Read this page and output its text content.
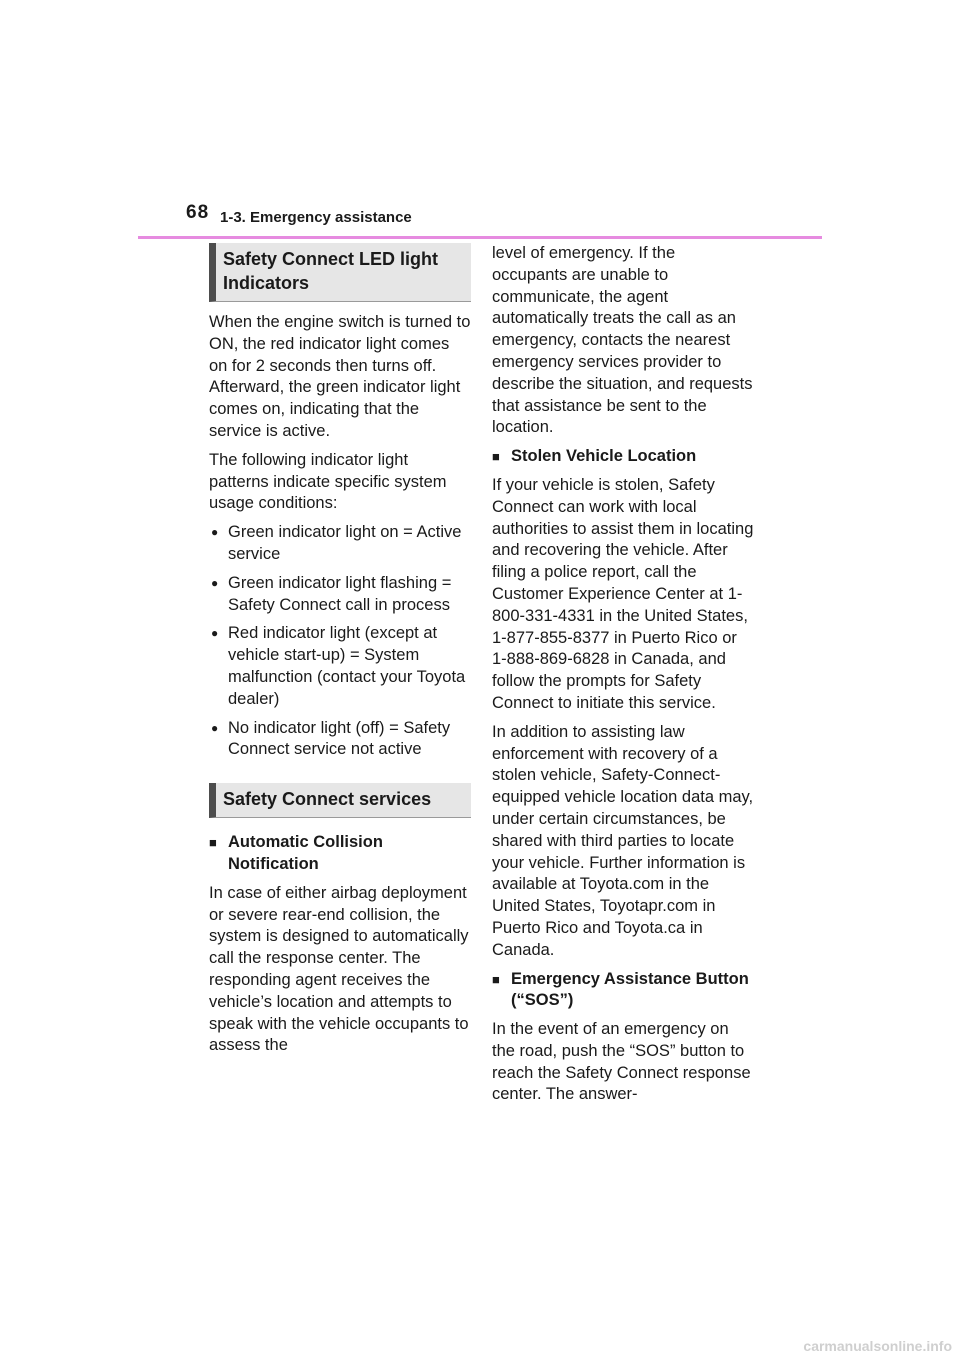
68 1-3. Emergency assistance
Safety Connect LED light Indicators

When the engine switch is turned to ON, the red indicator light comes on for 2 seconds then turns off. Afterward, the green indicator light comes on, indicating that the service is active.

The following indicator light patterns indicate specific system usage conditions:

● Green indicator light on = Active service
● Green indicator light flashing = Safety Connect call in process
● Red indicator light (except at vehicle start-up) = System malfunction (contact your Toyota dealer)
● No indicator light (off) = Safety Connect service not active
Safety Connect services
■ Automatic Collision Notification

In case of either airbag deployment or severe rear-end collision, the system is designed to automatically call the response center. The responding agent receives the vehicle’s location and attempts to speak with the vehicle occupants to assess the

level of emergency. If the occupants are unable to communicate, the agent automatically treats the call as an emergency, contacts the nearest emergency services provider to describe the situation, and requests that assistance be sent to the location.

■ Stolen Vehicle Location

If your vehicle is stolen, Safety Connect can work with local authorities to assist them in locating and recovering the vehicle. After filing a police report, call the Customer Experience Center at 1-800-331-4331 in the United States, 1-877-855-8377 in Puerto Rico or 1-888-869-6828 in Canada, and follow the prompts for Safety Connect to initiate this service.

In addition to assisting law enforcement with recovery of a stolen vehicle, Safety-Connect-equipped vehicle location data may, under certain circumstances, be shared with third parties to locate your vehicle. Further information is available at Toyota.com in the United States, Toyotapr.com in Puerto Rico and Toyota.ca in Canada.

■ Emergency Assistance Button (“SOS”)

In the event of an emergency on the road, push the “SOS” button to reach the Safety Connect response center. The answer-

carmanualsonline.info
